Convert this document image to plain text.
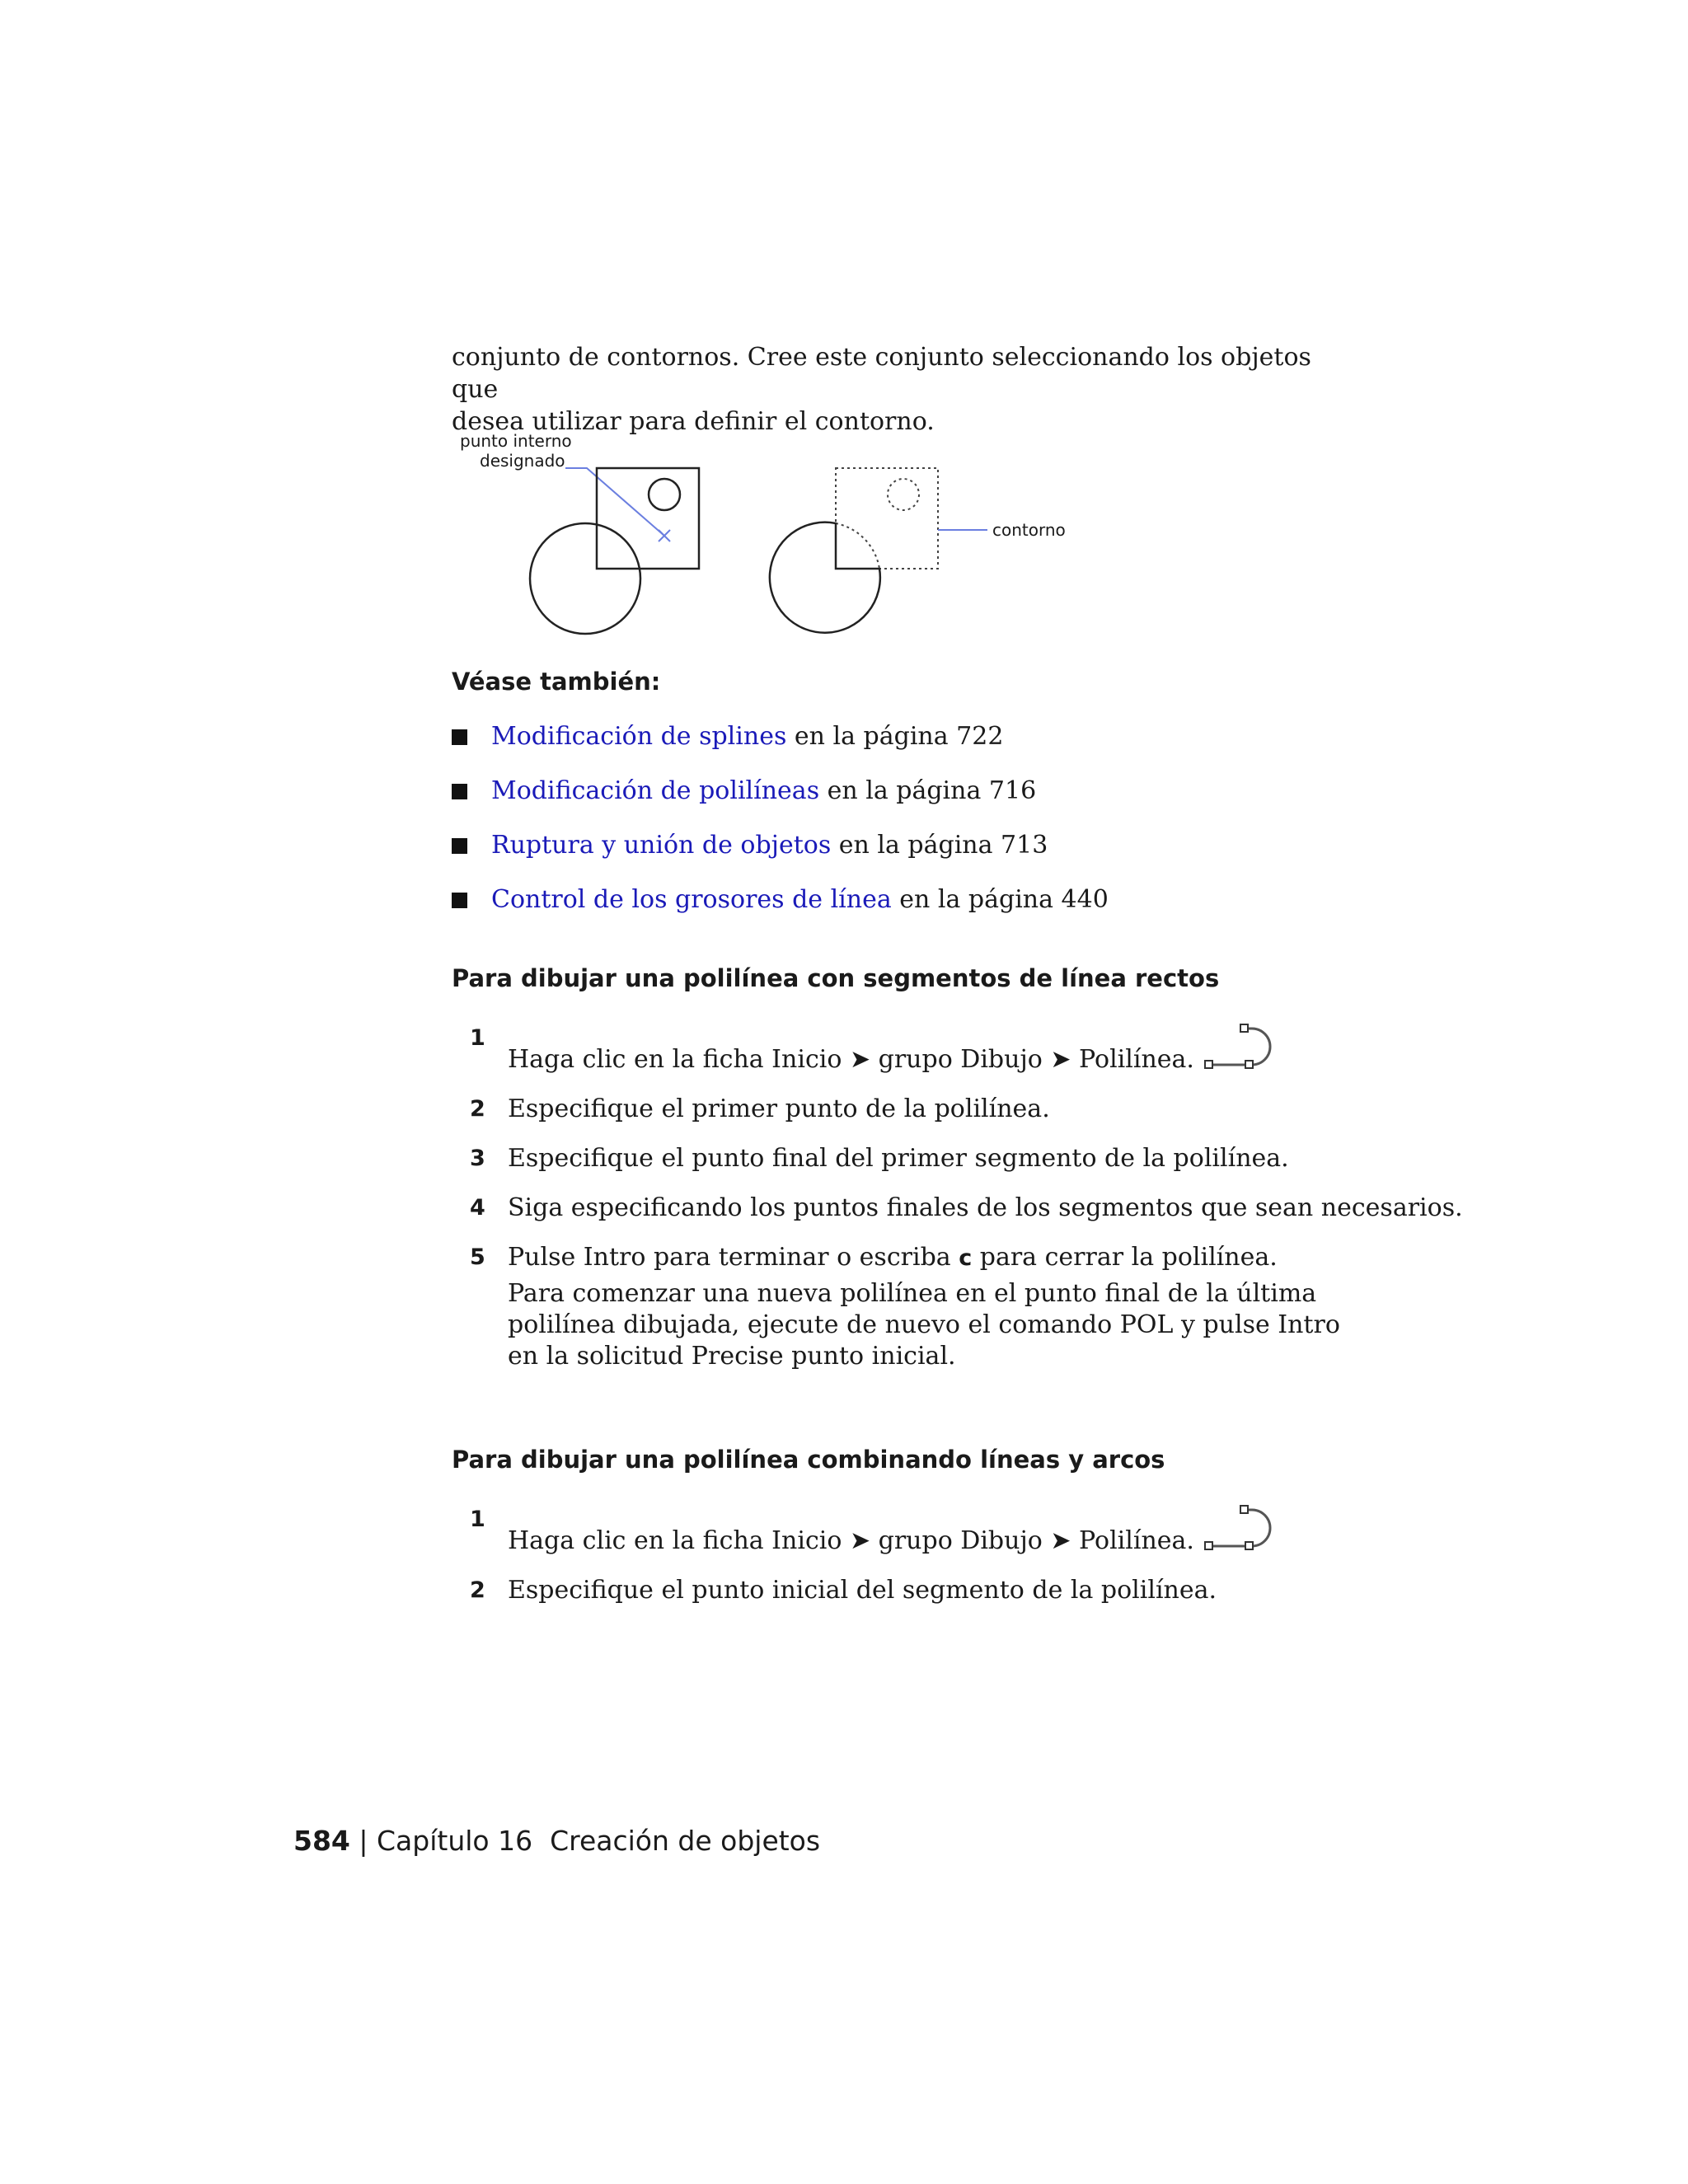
conjunto de contornos. Cree este conjunto seleccionando los objetos que

desea utilizar para definir el contorno.

punto interno
designado
contorno
Véase también:
Modificación de splines en la página 722
Modificación de polilíneas en la página 716
Ruptura y unión de objetos en la página 713
Control de los grosores de línea en la página 440
Para dibujar una polilínea con segmentos de línea rectos
1
Haga clic en la ficha Inicio ➤ grupo Dibujo ➤ Polilínea.
2 Especifique el primer punto de la polilínea.
3 Especifique el punto final del primer segmento de la polilínea.
4 Siga especificando los puntos finales de los segmentos que sean necesarios.
5 Pulse Intro para terminar o escriba c para cerrar la polilínea.
Para comenzar una nueva polilínea en el punto final de la última polilínea dibujada, ejecute de nuevo el comando POL y pulse Intro en la solicitud Precise punto inicial.
Para dibujar una polilínea combinando líneas y arcos
1
Haga clic en la ficha Inicio ➤ grupo Dibujo ➤ Polilínea.
2 Especifique el punto inicial del segmento de la polilínea.
584 | Capítulo 16 Creación de objetos
